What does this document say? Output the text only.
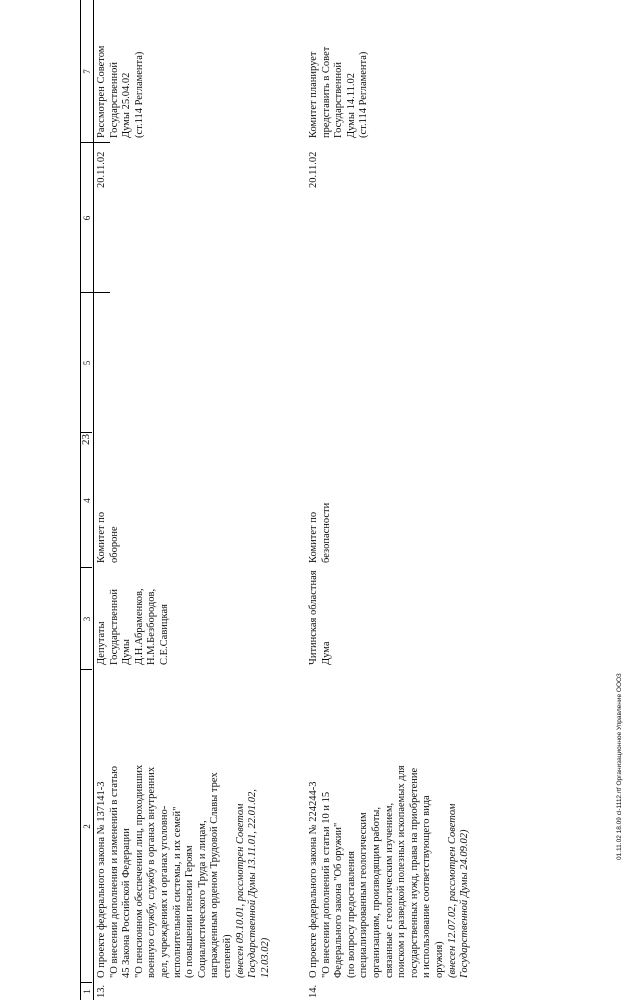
23
01.11.02 18.09 сl-1112.rtf Организационное Управление ООО3
1
2
3
4
5
6
7
13.
О проекте федерального закона № 137141-3 "О внесении дополнения и изменений в статью 45 Закона Российской Федерации "О пенсионном обеспечении лиц, проходивших военную службу, службу в органах внутренних дел, учреждениях и органах уголовно- исполнительной системы, и их семей" (о повышении пенсии Героям Социалистического Труда и лицам, награжденным орденом Трудовой Славы трех степеней) (внесен 09.10.01, рассмотрен Советом Государственной Думы 13.11.01, 22.01.02, 12.03.02)
Депутаты Государственной Думы Д.Н.Абраменков, Н.М.Безбородов, С.Е.Савицкая
Комитет по обороне
20.11.02
Рассмотрен Советом Государственной Думы 25.04.02 (ст.114 Регламента)
14.
О проекте федерального закона № 224244-3 "О внесении дополнений в статьи 10 и 15 Федерального закона "Об оружии" (по вопросу предоставления специализированным геологическим организациям, производящим работы, связанные с геологическим изучением, поиском и разведкой полезных ископаемых для государственных нужд, права на приобретение и использование соответствующего вида оружия) (внесен 12.07.02, рассмотрен Советом Государственной Думы 24.09.02)
Читинская областная Дума
Комитет по безопасности
20.11.02
Комитет планирует представить в Совет Государственной Думы 14.11.02 (ст.114 Регламента)
